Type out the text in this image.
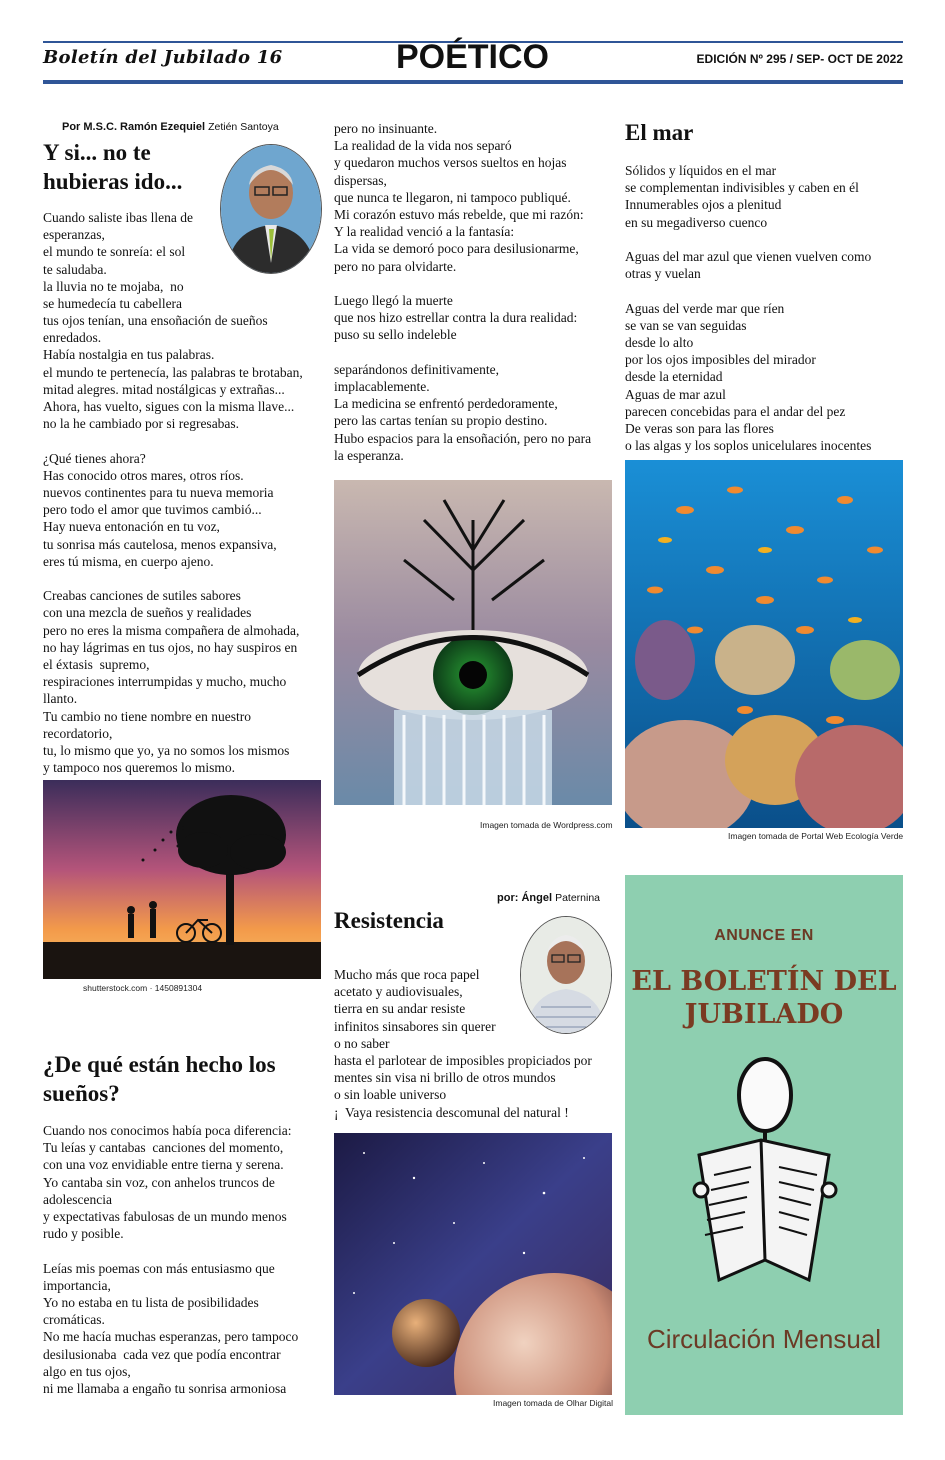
Boletín del Jubilado 16	POÉTICO	EDICIÓN Nº 295 / SEP- OCT DE 2022
Por M.S.C. Ramón Ezequiel Zetién Santoya
Y si... no te hubieras ido...
Cuando saliste ibas llena de
esperanzas,
el mundo te sonreía: el sol
te saludaba.
la lluvia no te mojaba,  no
se humedecía tu cabellera
tus ojos tenían, una ensoñación de sueños
enredados.
Había nostalgia en tus palabras.
el mundo te pertenecía, las palabras te brotaban,
mitad alegres. mitad nostálgicas y extrañas...
Ahora, has vuelto, sigues con la misma llave...
no la he cambiado por si regresabas.

¿Qué tienes ahora?
Has conocido otros mares, otros ríos.
nuevos continentes para tu nueva memoria
pero todo el amor que tuvimos cambió...
Hay nueva entonación en tu voz,
tu sonrisa más cautelosa, menos expansiva,
eres tú misma, en cuerpo ajeno.

Creabas canciones de sutiles sabores
con una mezcla de sueños y realidades
pero no eres la misma compañera de almohada,
no hay lágrimas en tus ojos, no hay suspiros en
el éxtasis  supremo,
respiraciones interrumpidas y mucho, mucho
llanto.
Tu cambio no tiene nombre en nuestro
recordatorio,
tu, lo mismo que yo, ya no somos los mismos
y tampoco nos queremos lo mismo.
shutterstock.com · 1450891304
¿De qué están hecho los sueños?
Cuando nos conocimos había poca diferencia:
Tu leías y cantabas  canciones del momento,
con una voz envidiable entre tierna y serena.
Yo cantaba sin voz, con anhelos truncos de
adolescencia
y expectativas fabulosas de un mundo menos
rudo y posible.

Leías mis poemas con más entusiasmo que
importancia,
Yo no estaba en tu lista de posibilidades
cromáticas.
No me hacía muchas esperanzas, pero tampoco
desilusionaba  cada vez que podía encontrar
algo en tus ojos,
ni me llamaba a engaño tu sonrisa armoniosa
pero no insinuante.
La realidad de la vida nos separó
y quedaron muchos versos sueltos en hojas
dispersas,
que nunca te llegaron, ni tampoco publiqué.
Mi corazón estuvo más rebelde, que mi razón:
Y la realidad venció a la fantasía:
La vida se demoró poco para desilusionarme,
pero no para olvidarte.

Luego llegó la muerte
que nos hizo estrellar contra la dura realidad:
puso su sello indeleble

separándonos definitivamente,
implacablemente.
La medicina se enfrentó perdedoramente,
pero las cartas tenían su propio destino.
Hubo espacios para la ensoñación, pero no para
la esperanza.
Imagen tomada de Wordpress.com
por: Ángel Paternina
Resistencia
Mucho más que roca papel
acetato y audiovisuales,
tierra en su andar resiste
infinitos sinsabores sin querer
o no saber
hasta el parlotear de imposibles propiciados por
mentes sin visa ni brillo de otros mundos
o sin loable universo
¡  Vaya resistencia descomunal del natural !
Imagen tomada de Olhar Digital
El mar
Sólidos y líquidos en el mar
se complementan indivisibles y caben en él
Innumerables ojos a plenitud
en su megadiverso cuenco

Aguas del mar azul que vienen vuelven como
otras y vuelan

Aguas del verde mar que ríen
se van se van seguidas
desde lo alto
por los ojos imposibles del mirador
desde la eternidad
Aguas de mar azul
parecen concebidas para el andar del pez
De veras son para las flores
o las algas y los soplos unicelulares inocentes
Imagen tomada de Portal Web Ecología Verde
ANUNCE EN
EL BOLETÍN DEL JUBILADO
Circulación Mensual
